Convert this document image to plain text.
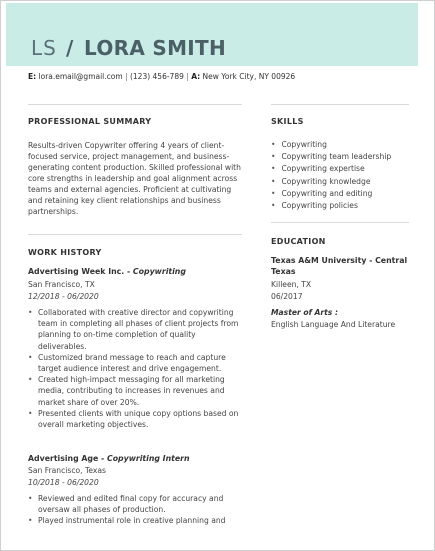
LS / LORA SMITH
E: lora.email@gmail.com | (123) 456-789 | A: New York City, NY 00926
PROFESSIONAL SUMMARY
Results-driven Copywriter offering 4 years of client-focused service, project management, and business-generating content production. Skilled professional with core strengths in leadership and goal alignment across teams and external agencies. Proficient at cultivating and retaining key client relationships and business partnerships.
SKILLS
• Copywriting
• Copywriting team leadership
• Copywriting expertise
• Copywriting knowledge
• Copywriting and editing
• Copywriting policies
WORK HISTORY
Advertising Week Inc. - Copywriting
San Francisco, TX
12/2018 - 06/2020
• Collaborated with creative director and copywriting team in completing all phases of client projects from planning to on-time completion of quality deliverables.
• Customized brand message to reach and capture target audience interest and drive engagement.
• Created high-impact messaging for all marketing media, contributing to increases in revenues and market share of over 20%.
• Presented clients with unique copy options based on overall marketing objectives.
Advertising Age - Copywriting Intern
San Francisco, Texas
10/2018 - 06/2020
• Reviewed and edited final copy for accuracy and oversaw all phases of production.
• Played instrumental role in creative planning and
EDUCATION
Texas A&M University - Central Texas
Killeen, TX
06/2017
Master of Arts :
English Language And Literature
